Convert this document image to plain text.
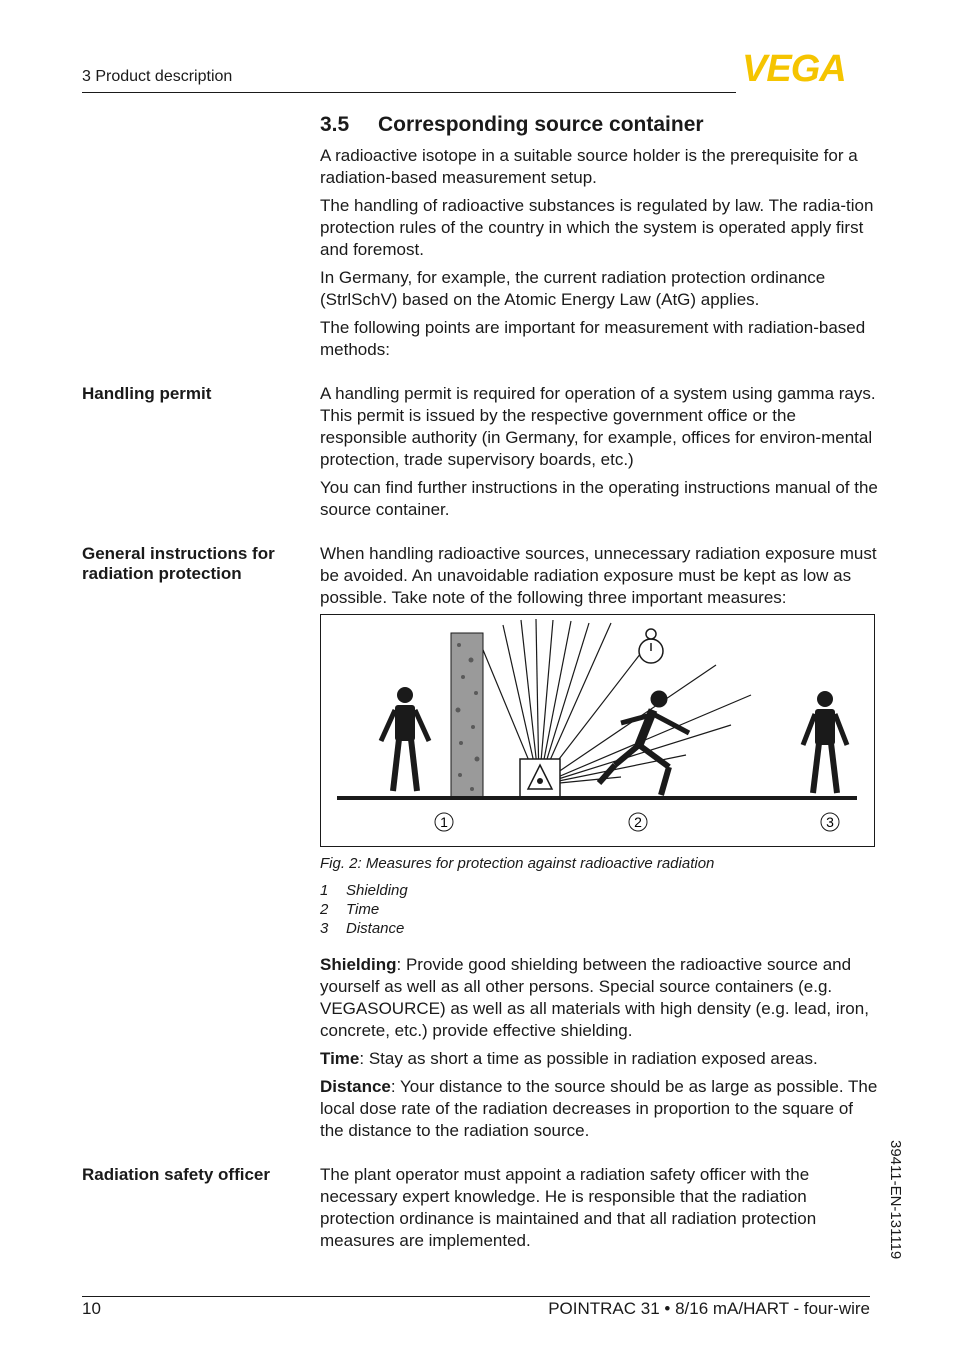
3 Product description	VEGA
3.5 Corresponding source container

A radioactive isotope in a suitable source holder is the prerequisite for a radiation-based measurement setup.

The handling of radioactive substances is regulated by law. The radia-tion protection rules of the country in which the system is operated apply first and foremost.

In Germany, for example, the current radiation protection ordinance (StrlSchV) based on the Atomic Energy Law (AtG) applies.

The following points are important for measurement with radiation-based methods:

Handling permit	A handling permit is required for operation of a system using gamma rays. This permit is issued by the respective government office or the responsible authority (in Germany, for example, offices for environ-mental protection, trade supervisory boards, etc.)

You can find further instructions in the operating instructions manual of the source container.

General instructions for radiation protection

When handling radioactive sources, unnecessary radiation exposure must be avoided. An unavoidable radiation exposure must be kept as low as possible. Take note of the following three important measures:

1	2	3
Fig. 2: Measures for protection against radioactive radiation
1 Shielding
2 Time
3 Distance

Shielding: Provide good shielding between the radioactive source and yourself as well as all other persons. Special source containers (e.g. VEGASOURCE) as well as all materials with high density (e.g. lead, iron, concrete, etc.) provide effective shielding.

Time: Stay as short a time as possible in radiation exposed areas.

Distance: Your distance to the source should be as large as possible. The local dose rate of the radiation decreases in proportion to the square of the distance to the radiation source.

Radiation safety officer	The plant operator must appoint a radiation safety officer with the necessary expert knowledge. He is responsible that the radiation protection ordinance is maintained and that all radiation protection measures are implemented.	39411-EN-131119
10	POINTRAC 31 • 8/16 mA/HART - four-wire
